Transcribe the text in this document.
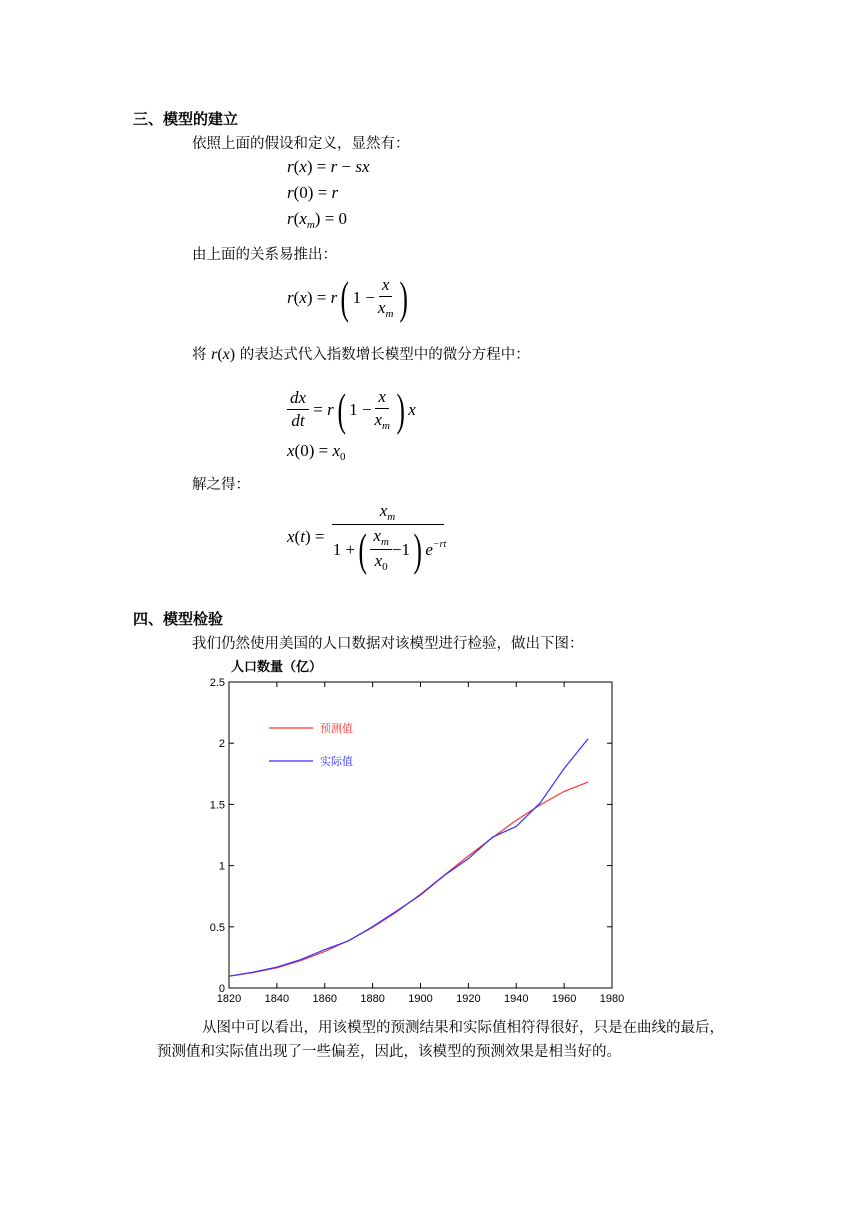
三、模型的建立
依照上面的假设和定义，显然有：
r(x) = r − sx
r(0) = r
$r(x_m) = 0$
由上面的关系易推出：
r(x) = r ( $1 - \frac{x}{x_m}$ )
将 r(x) 的表达式代入指数增长模型中的微分方程中：
$\frac{dx}{dt} = r$ ( $1 - \frac{x}{x_m}$ ) x
$x(0) = x_0$
解之得：
x(t) =
$x_m$
1 + ( $\frac{x_m}{x_0} -1$ ) $e^{-rt}$
四、模型检验
我们仍然使用美国的人口数据对该模型进行检验，做出下图：
人口数量（亿）
1820 1840 1860 1880 1900 1920 1940 1960 1980
0
0.5
1
1.5
2
2.5
预测值
实际值
从图中可以看出，用该模型的预测结果和实际值相符得很好，只是在曲线的最后，
预测值和实际值出现了一些偏差，因此，该模型的预测效果是相当好的。
